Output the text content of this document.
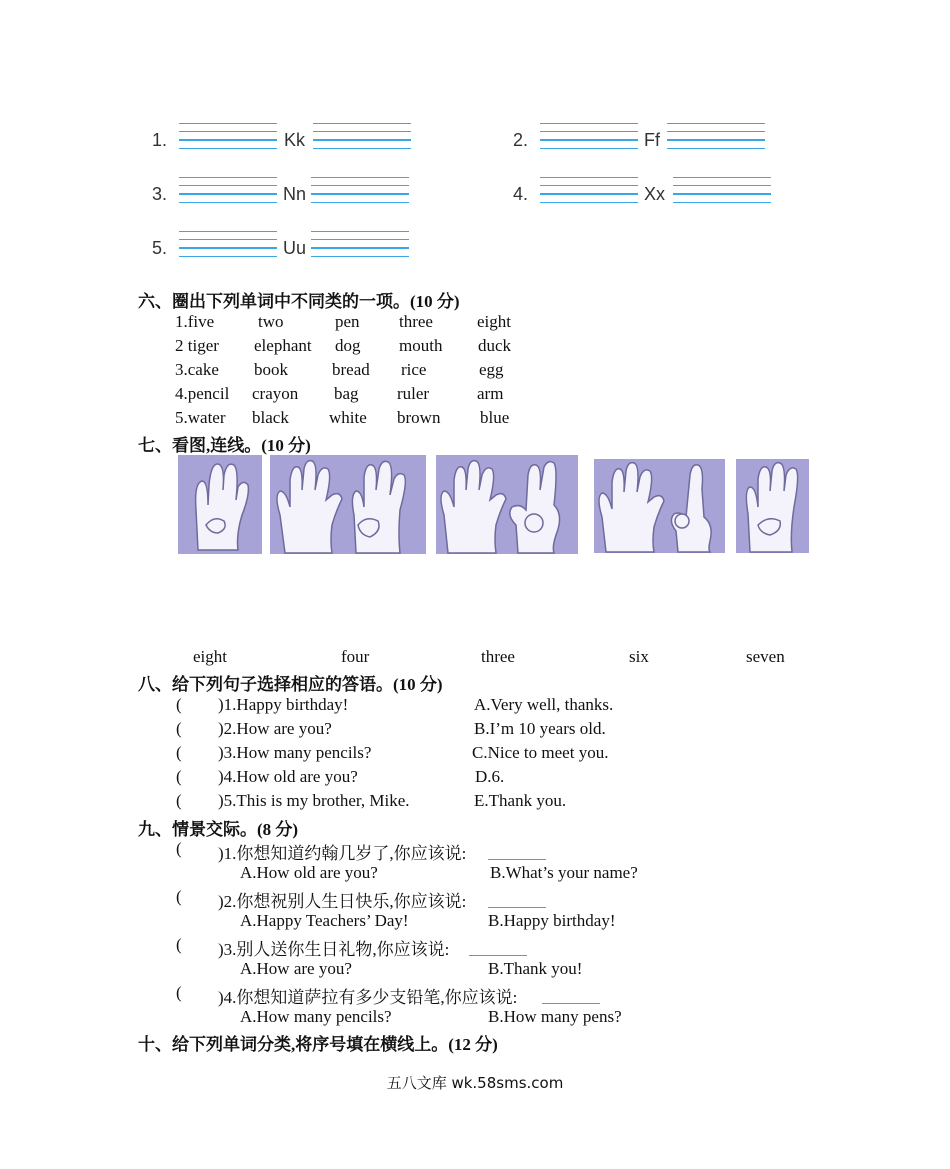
1.	Kk	2.	Ff
3.	Nn	4.	Xx
5.	Uu
六、圈出下列单词中不同类的一项。(10 分)
1.five	two	pen three	eight
2 tiger elephant dog mouth duck
3.cake book	bread rice	egg
4.pencil crayon bag ruler	arm
5.water black white brown blue
七、看图,连线。(10 分)
eight	four	three	six	seven
八、给下列句子选择相应的答语。(10 分)
( )1.Happy birthday!	A.Very well, thanks.
( )2.How are you?	B.I’m 10 years old.
( )3.How many pencils?	C.Nice to meet you.
( )4.How old are you?	D.6.
( )5.This is my brother, Mike.	E.Thank you.
九、情景交际。(8 分)
( )1.你想知道约翰几岁了,你应该说:
A.How old are you?	B.What’s your name?
( )2.你想祝别人生日快乐,你应该说:
A.Happy Teachers’ Day!	B.Happy birthday!
( )3.别人送你生日礼物,你应该说:
A.How are you?	B.Thank you!
( )4.你想知道萨拉有多少支铅笔,你应该说:
A.How many pencils?	B.How many pens?
十、给下列单词分类,将序号填在横线上。(12 分)
五八文库 wk.58sms.com
